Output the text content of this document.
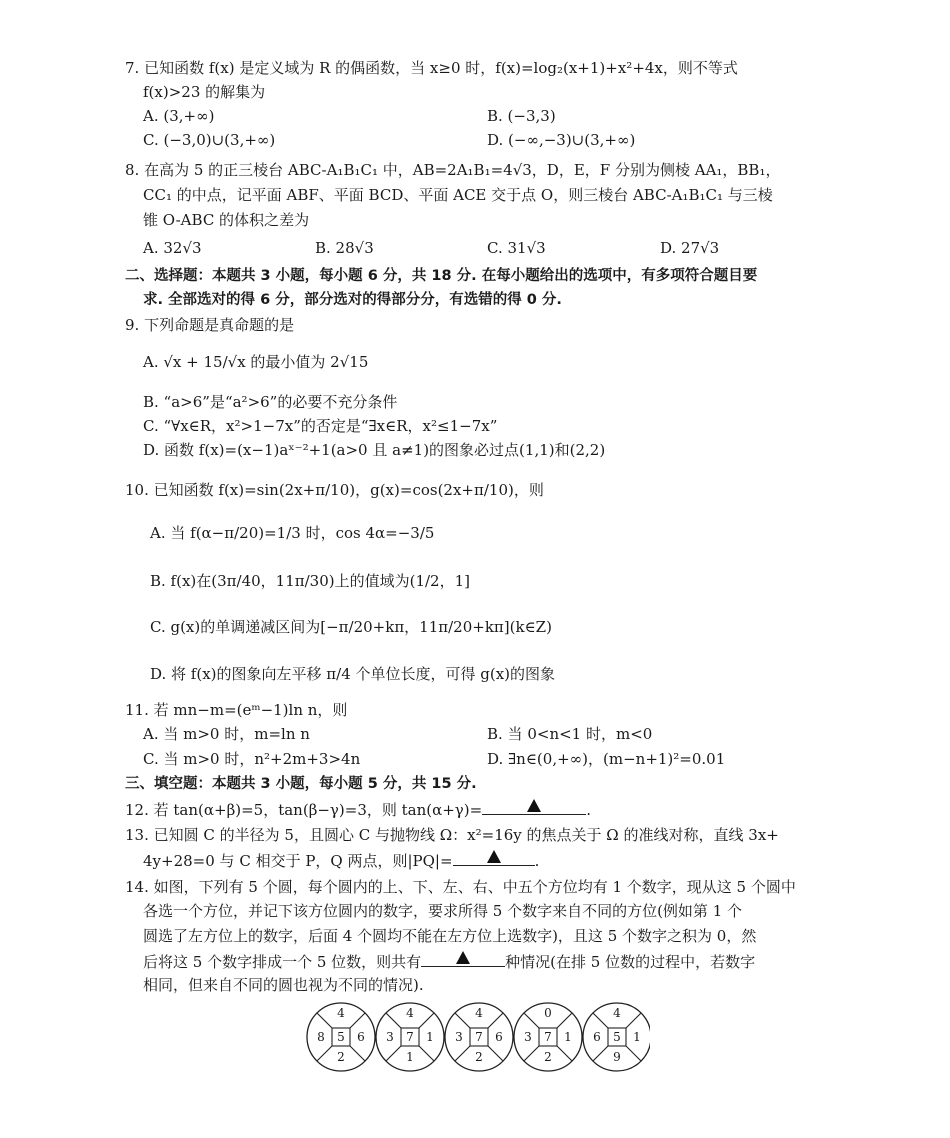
7. 已知函数 f(x) 是定义域为 R 的偶函数，当 x≥0 时，f(x)=log₂(x+1)+x²+4x，则不等式
f(x)>23 的解集为
A. (3,+∞)	B. (−3,3)
C. (−3,0)∪(3,+∞)	D. (−∞,−3)∪(3,+∞)
8. 在高为 5 的正三棱台 ABC-A₁B₁C₁ 中，AB=2A₁B₁=4√3，D，E，F 分别为侧棱 AA₁，BB₁，
CC₁ 的中点，记平面 ABF、平面 BCD、平面 ACE 交于点 O，则三棱台 ABC-A₁B₁C₁ 与三棱
锥 O-ABC 的体积之差为
A. 32√3	B. 28√3	C. 31√3	D. 27√3
二、选择题：本题共 3 小题，每小题 6 分，共 18 分. 在每小题给出的选项中，有多项符合题目要
求. 全部选对的得 6 分，部分选对的得部分分，有选错的得 0 分.
9. 下列命题是真命题的是
A. √x + 15/√x 的最小值为 2√15
B. “a>6”是“a²>6”的必要不充分条件
C. “∀x∈R，x²>1−7x”的否定是“∃x∈R，x²≤1−7x”
D. 函数 f(x)=(x−1)aˣ⁻²+1(a>0 且 a≠1)的图象必过点(1,1)和(2,2)
10. 已知函数 f(x)=sin(2x+π/10)，g(x)=cos(2x+π/10)，则
A. 当 f(α−π/20)=1/3 时，cos 4α=−3/5
B. f(x)在(3π/40，11π/30)上的值域为(1/2，1]
C. g(x)的单调递减区间为[−π/20+kπ，11π/20+kπ](k∈Z)
D. 将 f(x)的图象向左平移 π/4 个单位长度，可得 g(x)的图象
11. 若 mn−m=(eᵐ−1)ln n，则
A. 当 m>0 时，m=ln n	B. 当 0<n<1 时，m<0
C. 当 m>0 时，n²+2m+3>4n	D. ∃n∈(0,+∞)，(m−n+1)²=0.01
三、填空题：本题共 3 小题，每小题 5 分，共 15 分.
12. 若 tan(α+β)=5，tan(β−γ)=3，则 tan(α+γ)=	.
13. 已知圆 C 的半径为 5，且圆心 C 与抛物线 Ω：x²=16y 的焦点关于 Ω 的准线对称，直线 3x+
4y+28=0 与 C 相交于 P，Q 两点，则|PQ|=	.
14. 如图，下列有 5 个圆，每个圆内的上、下、左、右、中五个方位均有 1 个数字，现从这 5 个圆中
各选一个方位，并记下该方位圆内的数字，要求所得 5 个数字来自不同的方位(例如第 1 个
圆选了左方位上的数字，后面 4 个圆均不能在左方位上选数字)，且这 5 个数字之积为 0，然
后将这 5 个数字排成一个 5 位数，则共有	种情况(在排 5 位数的过程中，若数字
相同，但来自不同的圆也视为不同的情况).
4
2
8	6
5
4
1
3	1
7
4
2
3	6
7
0
2
3	1
7
4
9
6	1
5
